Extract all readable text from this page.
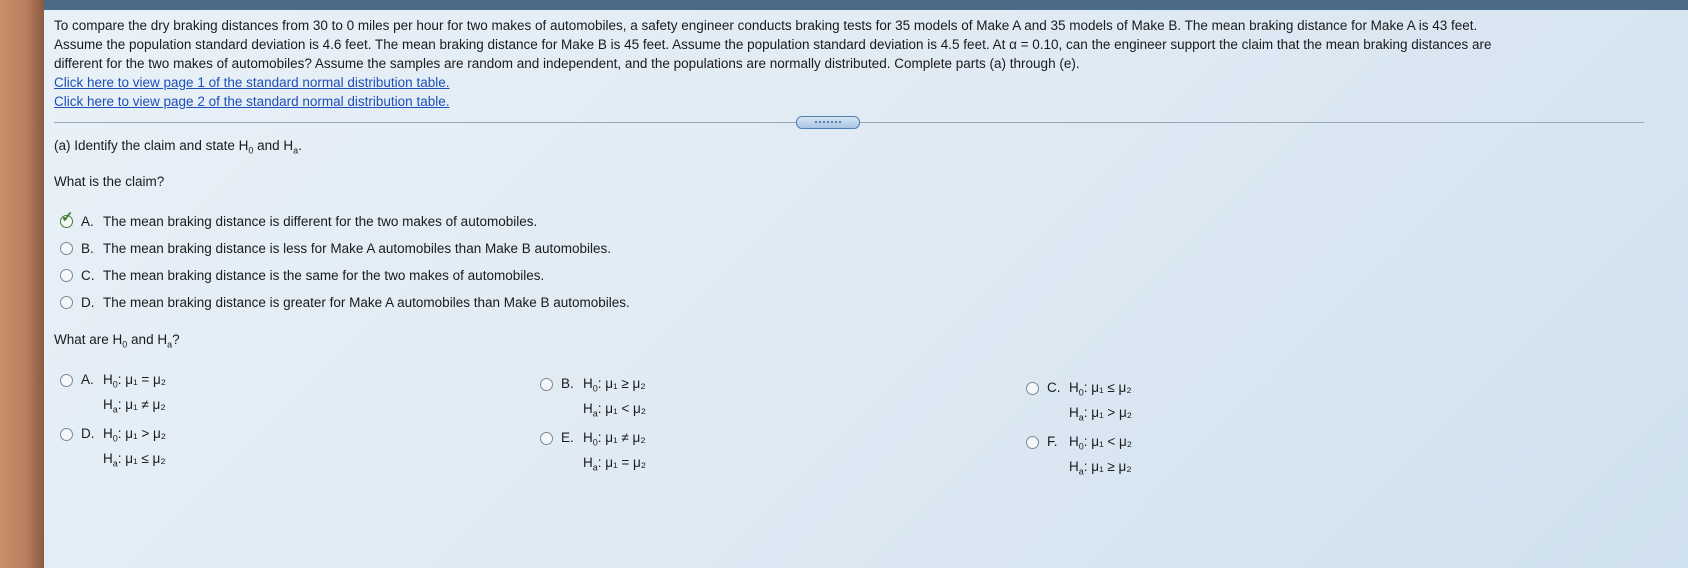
To compare the dry braking distances from 30 to 0 miles per hour for two makes of automobiles, a safety engineer conducts braking tests for 35 models of Make A and 35 models of Make B. The mean braking distance for Make A is 43 feet.

Assume the population standard deviation is 4.6 feet. The mean braking distance for Make B is 45 feet. Assume the population standard deviation is 4.5 feet. At α = 0.10, can the engineer support the claim that the mean braking distances are

different for the two makes of automobiles? Assume the samples are random and independent, and the populations are normally distributed. Complete parts (a) through (e).

Click here to view page 1 of the standard normal distribution table.
Click here to view page 2 of the standard normal distribution table.
(a) Identify the claim and state $H_0$ and $H_a$.
What is the claim?
✓ A. The mean braking distance is different for the two makes of automobiles.
B. The mean braking distance is less for Make A automobiles than Make B automobiles.
C. The mean braking distance is the same for the two makes of automobiles.
D. The mean braking distance is greater for Make A automobiles than Make B automobiles.
What are $H_0$ and $H_a$?
A. $H_0$: μ₁ = μ₂
$H_a$: μ₁ ≠ μ₂
B. $H_0$: μ₁ ≥ μ₂
$H_a$: μ₁ < μ₂
C. $H_0$: μ₁ ≤ μ₂
$H_a$: μ₁ > μ₂
D. $H_0$: μ₁ > μ₂
$H_a$: μ₁ ≤ μ₂
E. $H_0$: μ₁ ≠ μ₂
$H_a$: μ₁ = μ₂
F. $H_0$: μ₁ < μ₂
$H_a$: μ₁ ≥ μ₂
